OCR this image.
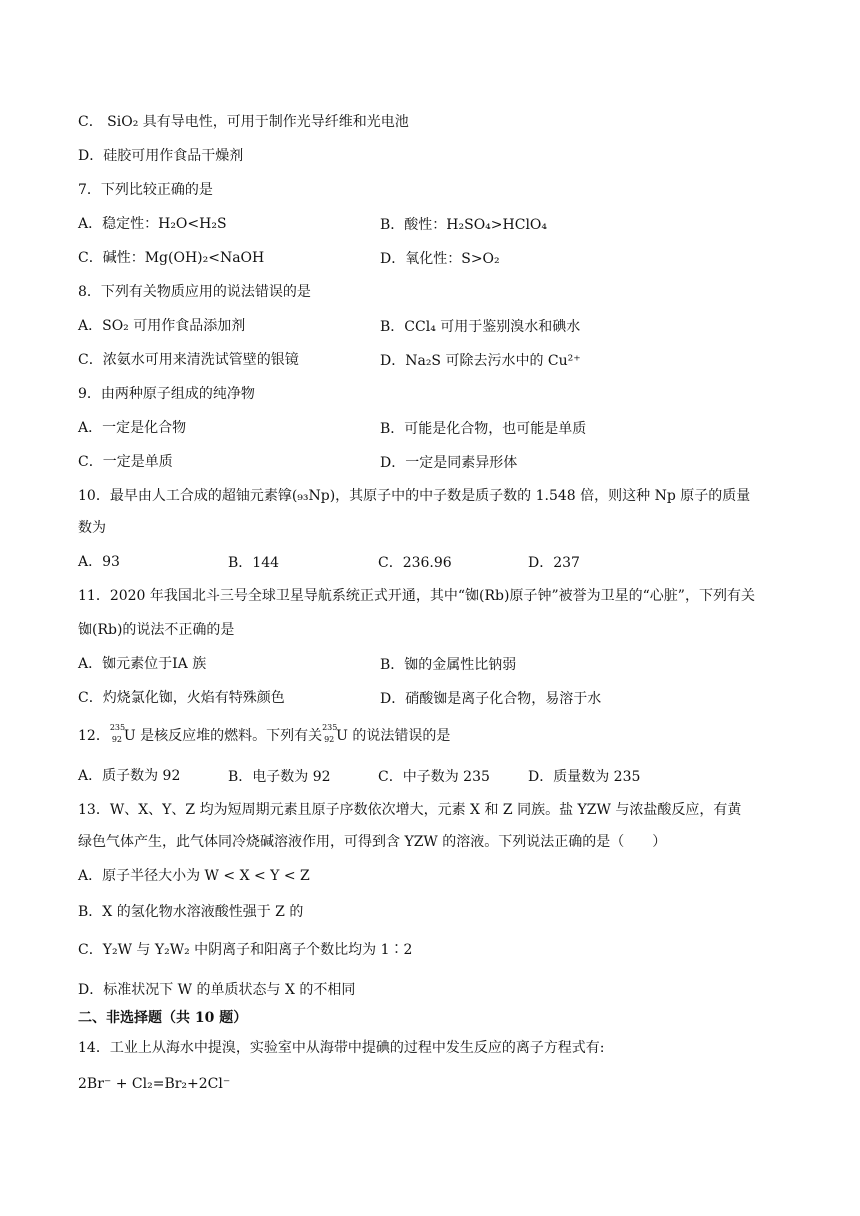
C． SiO₂ 具有导电性，可用于制作光导纤维和光电池
D．硅胶可用作食品干燥剂
7．下列比较正确的是
A．稳定性：H₂O<H₂S	B．酸性：H₂SO₄>HClO₄
C．碱性：Mg(OH)₂<NaOH	D．氧化性：S>O₂
8．下列有关物质应用的说法错误的是
A．SO₂ 可用作食品添加剂	B．CCl₄ 可用于鉴别溴水和碘水
C．浓氨水可用来清洗试管壁的银镜	D．Na₂S 可除去污水中的 Cu²⁺
9．由两种原子组成的纯净物
A．一定是化合物	B．可能是化合物，也可能是单质
C．一定是单质	D．一定是同素异形体
10．最早由人工合成的超铀元素镎(₉₃Np)，其原子中的中子数是质子数的 1.548 倍，则这种 Np 原子的质量
数为
A．93	B．144	C．236.96	D．237
11．2020 年我国北斗三号全球卫星导航系统正式开通，其中“铷(Rb)原子钟”被誉为卫星的“心脏”，下列有关
铷(Rb)的说法不正确的是
A．铷元素位于IA 族	B．铷的金属性比钠弱
C．灼烧氯化铷，火焰有特殊颜色	D．硝酸铷是离子化合物，易溶于水
12．
235
92 U 是核反应堆的燃料。下列有关
235
92 U 的说法错误的是
A．质子数为 92	B．电子数为 92	C．中子数为 235	D．质量数为 235
13．W、X、Y、Z 均为短周期元素且原子序数依次增大，元素 X 和 Z 同族。盐 YZW 与浓盐酸反应，有黄
绿色气体产生，此气体同冷烧碱溶液作用，可得到含 YZW 的溶液。下列说法正确的是（　　）
A．原子半径大小为 W < X < Y < Z
B．X 的氢化物水溶液酸性强于 Z 的
C．Y₂W 与 Y₂W₂ 中阴离子和阳离子个数比均为 1∶2
D．标准状况下 W 的单质状态与 X 的不相同
二、非选择题（共 10 题）
14．工业上从海水中提溴，实验室中从海带中提碘的过程中发生反应的离子方程式有:
2Br⁻ + Cl₂=Br₂+2Cl⁻
